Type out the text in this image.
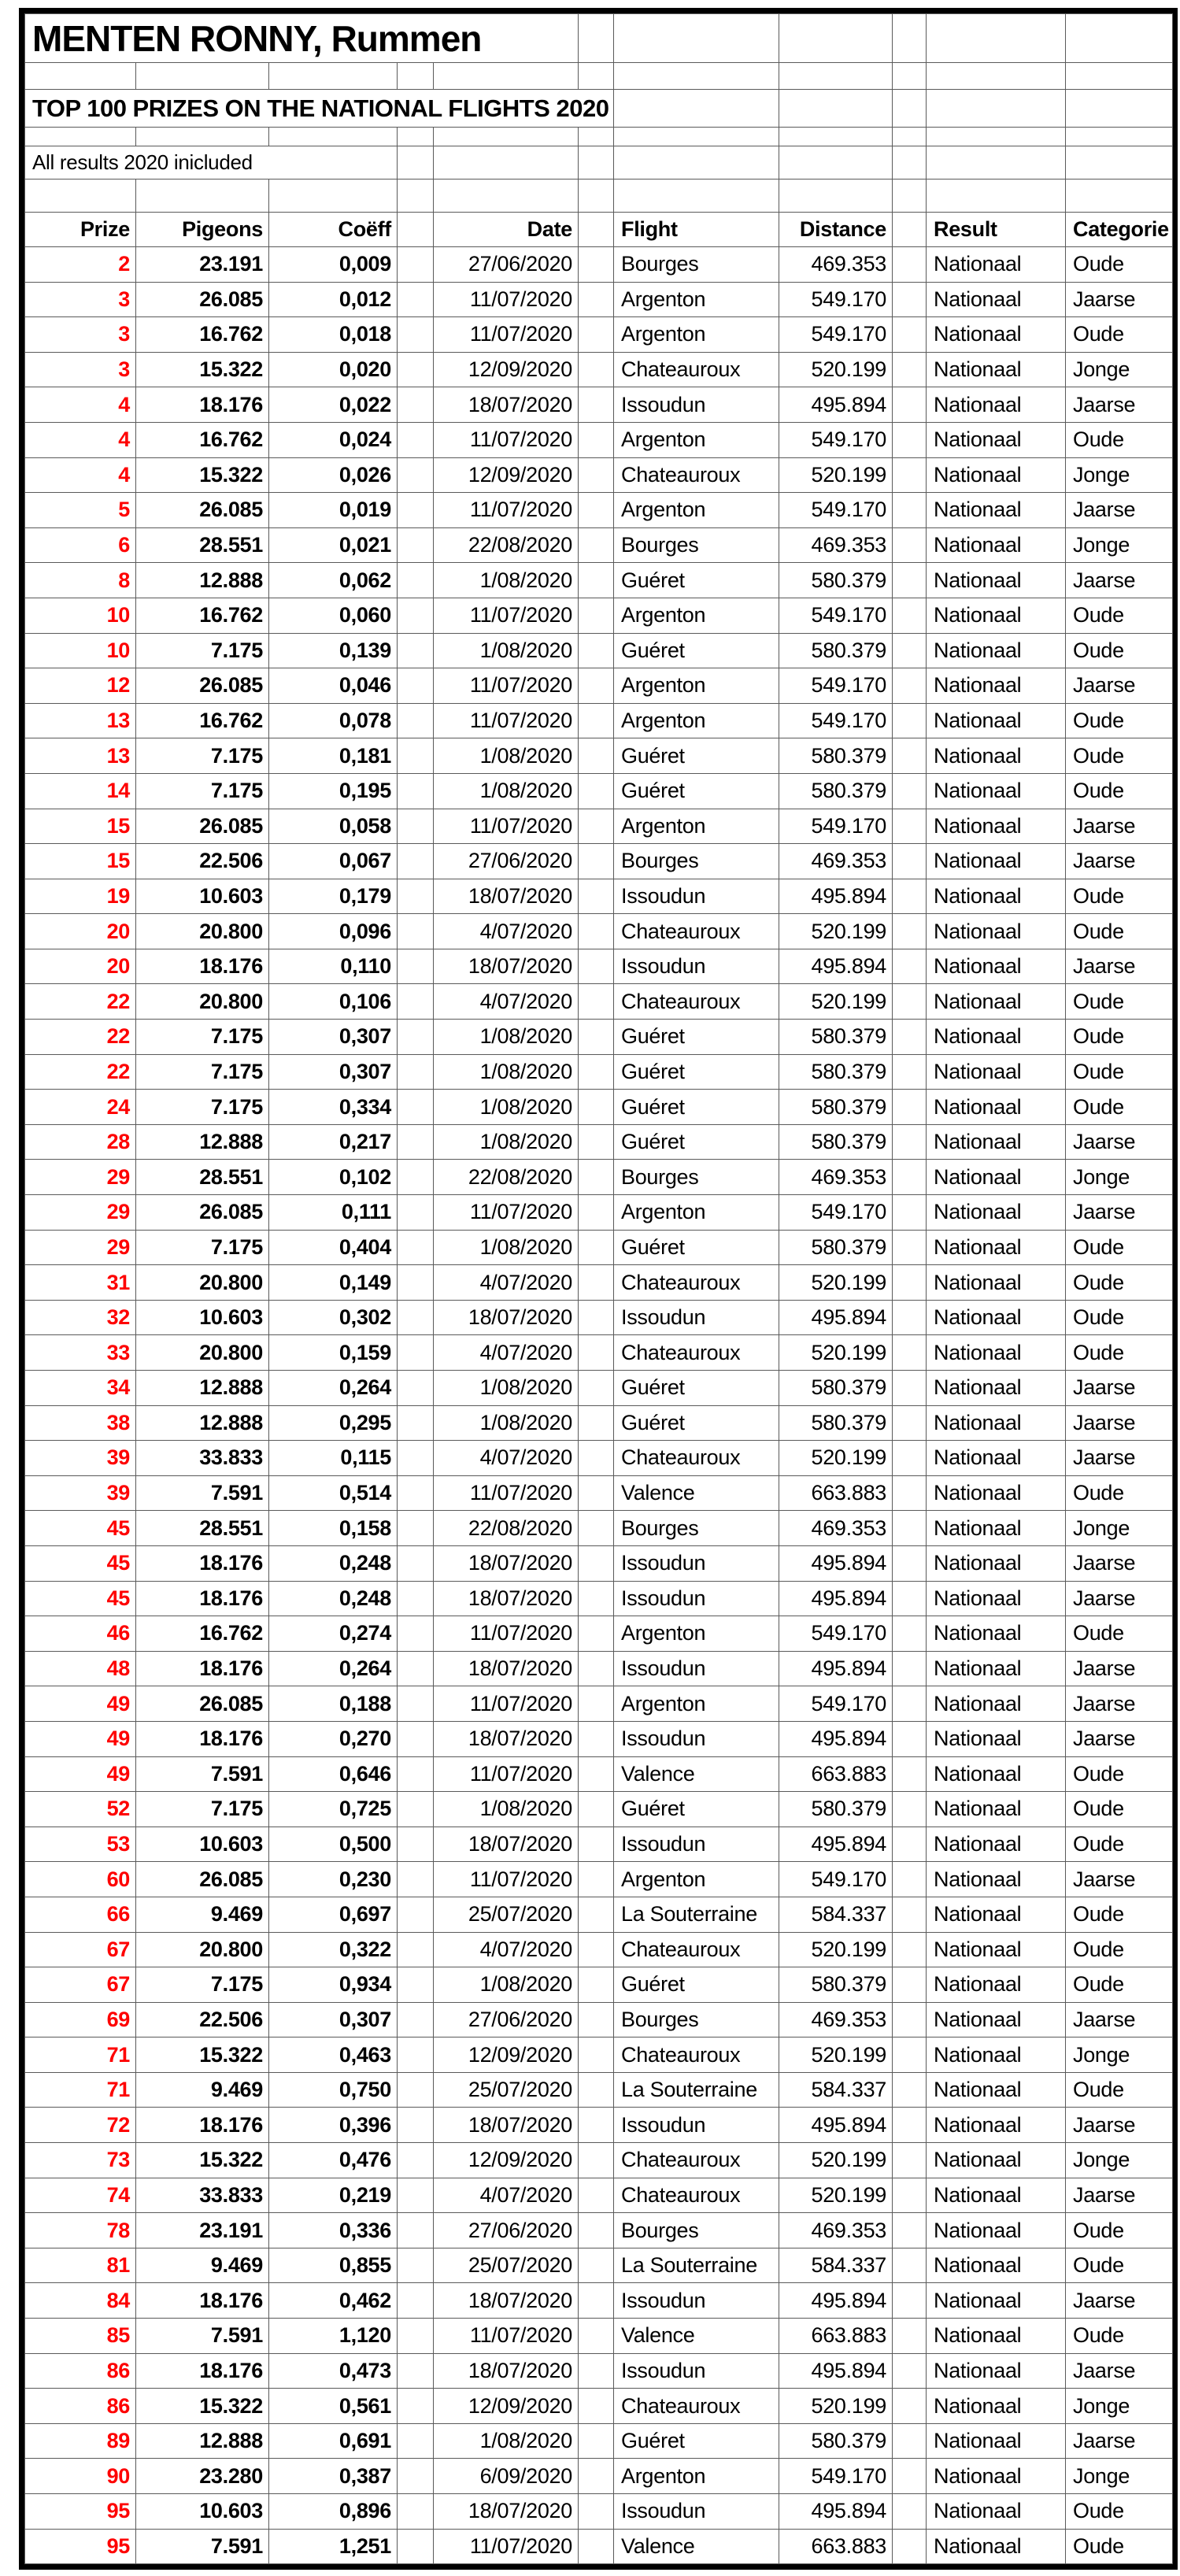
MENTEN RONNY, Rummen										

TOP 100 PRIZES ON THE NATIONAL FLIGHTS 2020										

All results 2020 inicluded										

Prize	Pigeons	Coëff		Date		Flight	Distance		Result	Categorie
2	23.191	0,009		27/06/2020		Bourges	469.353		Nationaal	Oude
3	26.085	0,012		11/07/2020		Argenton	549.170		Nationaal	Jaarse
3	16.762	0,018		11/07/2020		Argenton	549.170		Nationaal	Oude
3	15.322	0,020		12/09/2020		Chateauroux	520.199		Nationaal	Jonge
4	18.176	0,022		18/07/2020		Issoudun	495.894		Nationaal	Jaarse
4	16.762	0,024		11/07/2020		Argenton	549.170		Nationaal	Oude
4	15.322	0,026		12/09/2020		Chateauroux	520.199		Nationaal	Jonge
5	26.085	0,019		11/07/2020		Argenton	549.170		Nationaal	Jaarse
6	28.551	0,021		22/08/2020		Bourges	469.353		Nationaal	Jonge
8	12.888	0,062		1/08/2020		Guéret	580.379		Nationaal	Jaarse
10	16.762	0,060		11/07/2020		Argenton	549.170		Nationaal	Oude
10	7.175	0,139		1/08/2020		Guéret	580.379		Nationaal	Oude
12	26.085	0,046		11/07/2020		Argenton	549.170		Nationaal	Jaarse
13	16.762	0,078		11/07/2020		Argenton	549.170		Nationaal	Oude
13	7.175	0,181		1/08/2020		Guéret	580.379		Nationaal	Oude
14	7.175	0,195		1/08/2020		Guéret	580.379		Nationaal	Oude
15	26.085	0,058		11/07/2020		Argenton	549.170		Nationaal	Jaarse
15	22.506	0,067		27/06/2020		Bourges	469.353		Nationaal	Jaarse
19	10.603	0,179		18/07/2020		Issoudun	495.894		Nationaal	Oude
20	20.800	0,096		4/07/2020		Chateauroux	520.199		Nationaal	Oude
20	18.176	0,110		18/07/2020		Issoudun	495.894		Nationaal	Jaarse
22	20.800	0,106		4/07/2020		Chateauroux	520.199		Nationaal	Oude
22	7.175	0,307		1/08/2020		Guéret	580.379		Nationaal	Oude
22	7.175	0,307		1/08/2020		Guéret	580.379		Nationaal	Oude
24	7.175	0,334		1/08/2020		Guéret	580.379		Nationaal	Oude
28	12.888	0,217		1/08/2020		Guéret	580.379		Nationaal	Jaarse
29	28.551	0,102		22/08/2020		Bourges	469.353		Nationaal	Jonge
29	26.085	0,111		11/07/2020		Argenton	549.170		Nationaal	Jaarse
29	7.175	0,404		1/08/2020		Guéret	580.379		Nationaal	Oude
31	20.800	0,149		4/07/2020		Chateauroux	520.199		Nationaal	Oude
32	10.603	0,302		18/07/2020		Issoudun	495.894		Nationaal	Oude
33	20.800	0,159		4/07/2020		Chateauroux	520.199		Nationaal	Oude
34	12.888	0,264		1/08/2020		Guéret	580.379		Nationaal	Jaarse
38	12.888	0,295		1/08/2020		Guéret	580.379		Nationaal	Jaarse
39	33.833	0,115		4/07/2020		Chateauroux	520.199		Nationaal	Jaarse
39	7.591	0,514		11/07/2020		Valence	663.883		Nationaal	Oude
45	28.551	0,158		22/08/2020		Bourges	469.353		Nationaal	Jonge
45	18.176	0,248		18/07/2020		Issoudun	495.894		Nationaal	Jaarse
45	18.176	0,248		18/07/2020		Issoudun	495.894		Nationaal	Jaarse
46	16.762	0,274		11/07/2020		Argenton	549.170		Nationaal	Oude
48	18.176	0,264		18/07/2020		Issoudun	495.894		Nationaal	Jaarse
49	26.085	0,188		11/07/2020		Argenton	549.170		Nationaal	Jaarse
49	18.176	0,270		18/07/2020		Issoudun	495.894		Nationaal	Jaarse
49	7.591	0,646		11/07/2020		Valence	663.883		Nationaal	Oude
52	7.175	0,725		1/08/2020		Guéret	580.379		Nationaal	Oude
53	10.603	0,500		18/07/2020		Issoudun	495.894		Nationaal	Oude
60	26.085	0,230		11/07/2020		Argenton	549.170		Nationaal	Jaarse
66	9.469	0,697		25/07/2020		La Souterraine	584.337		Nationaal	Oude
67	20.800	0,322		4/07/2020		Chateauroux	520.199		Nationaal	Oude
67	7.175	0,934		1/08/2020		Guéret	580.379		Nationaal	Oude
69	22.506	0,307		27/06/2020		Bourges	469.353		Nationaal	Jaarse
71	15.322	0,463		12/09/2020		Chateauroux	520.199		Nationaal	Jonge
71	9.469	0,750		25/07/2020		La Souterraine	584.337		Nationaal	Oude
72	18.176	0,396		18/07/2020		Issoudun	495.894		Nationaal	Jaarse
73	15.322	0,476		12/09/2020		Chateauroux	520.199		Nationaal	Jonge
74	33.833	0,219		4/07/2020		Chateauroux	520.199		Nationaal	Jaarse
78	23.191	0,336		27/06/2020		Bourges	469.353		Nationaal	Oude
81	9.469	0,855		25/07/2020		La Souterraine	584.337		Nationaal	Oude
84	18.176	0,462		18/07/2020		Issoudun	495.894		Nationaal	Jaarse
85	7.591	1,120		11/07/2020		Valence	663.883		Nationaal	Oude
86	18.176	0,473		18/07/2020		Issoudun	495.894		Nationaal	Jaarse
86	15.322	0,561		12/09/2020		Chateauroux	520.199		Nationaal	Jonge
89	12.888	0,691		1/08/2020		Guéret	580.379		Nationaal	Jaarse
90	23.280	0,387		6/09/2020		Argenton	549.170		Nationaal	Jonge
95	10.603	0,896		18/07/2020		Issoudun	495.894		Nationaal	Oude
95	7.591	1,251		11/07/2020		Valence	663.883		Nationaal	Oude
